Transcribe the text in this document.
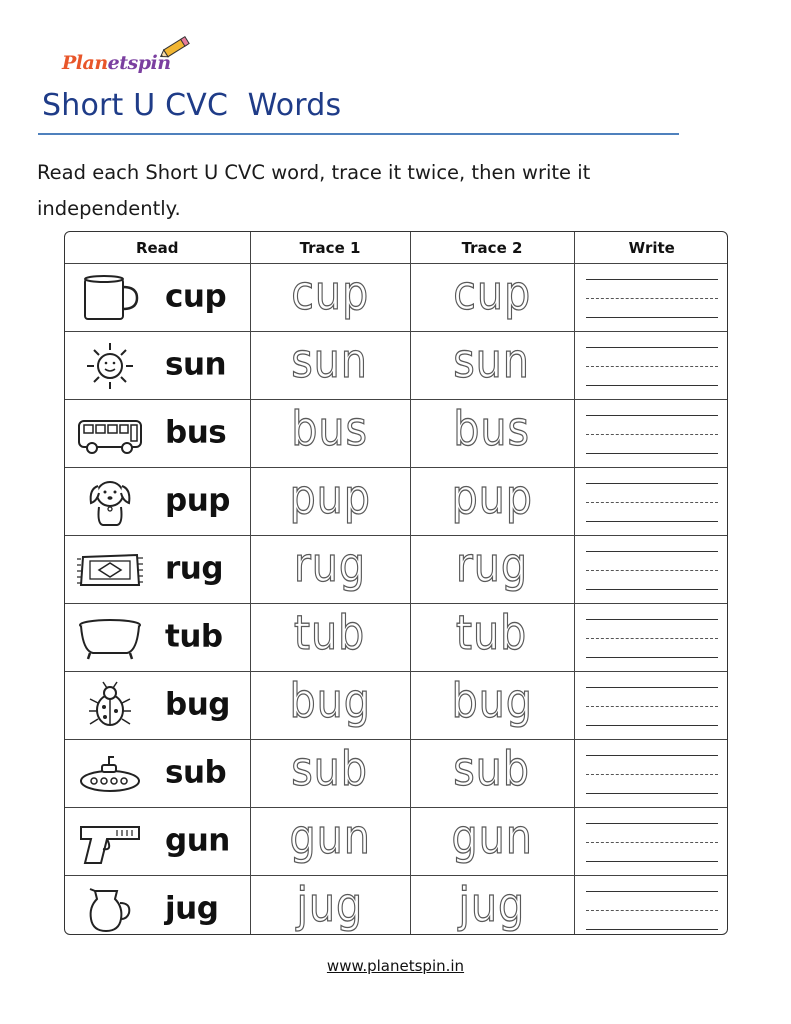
Planetspin
Short U CVC  Words
Read each Short U CVC word, trace it twice, then write it independently.
Read	Trace 1	Trace 2	Write

cup	cup	cup	

sun	sun	sun	

bus	bus	bus	

pup	pup	pup	

rug	rug	rug	

tub	tub	tub	

bug	bug	bug	

sub	sub	sub	

gun	gun	gun	

jug	jug	jug	
www.planetspin.in
